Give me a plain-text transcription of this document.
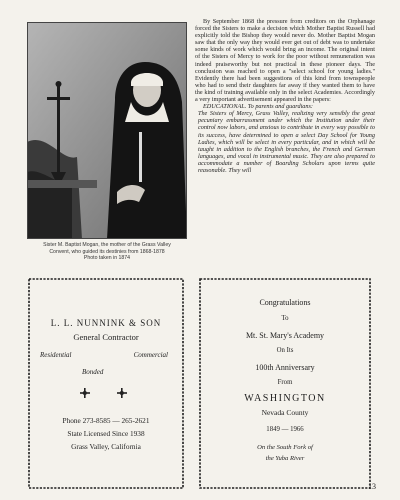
Sister M. Baptist Mogan, the mother of the Grass Valley
Convent, who guided its destinies from 1868-1878
Photo taken in 1874

By September 1868 the pressure from creditors on the Orphanage forced the Sisters to make a decision which Mother Baptist Russell had explicitly told the Bishop they would never do. Mother Baptist Mogan saw that the only way they would ever get out of debt was to undertake some kinds of work which would bring an income. The original intent of the Sisters of Mercy to work for the poor without remuneration was indeed praiseworthy but not practical in these pioneer days. The conclusion was reached to open a "select school for young ladies." Evidently there had been suggestions of this kind from townspeople who had to send their daughters far away if they wanted them to have the kind of training available only in the select Academies. Accordingly a very important advertisement appeared in the papers:

EDUCATIONAL. To parents and guardians:

The Sisters of Mercy, Grass Valley, realizing very sensibly the great pecuniary embarrassment under which the Institution under their control now labors, and anxious to contribute in every way possible to its success, have determined to open a select Day School for Young Ladies, which will be select in every particular, and in which will be taught in addition to the English branches, the French and German languages, and vocal in instrumental music. They are also prepared to accommodate a number of Boarding Scholars upon terms quite reasonable. They will

L. L. NUNNINK & SON
General Contractor
Residential	Commercial
Bonded
Phone 273-8585 — 265-2621
State Licensed Since 1938
Grass Valley, California
Congratulations
To
Mt. St. Mary's Academy
On Its
100th Anniversary
From
WASHINGTON
Nevada County
1849 — 1966
On the South Fork of
the Yuba River
13
